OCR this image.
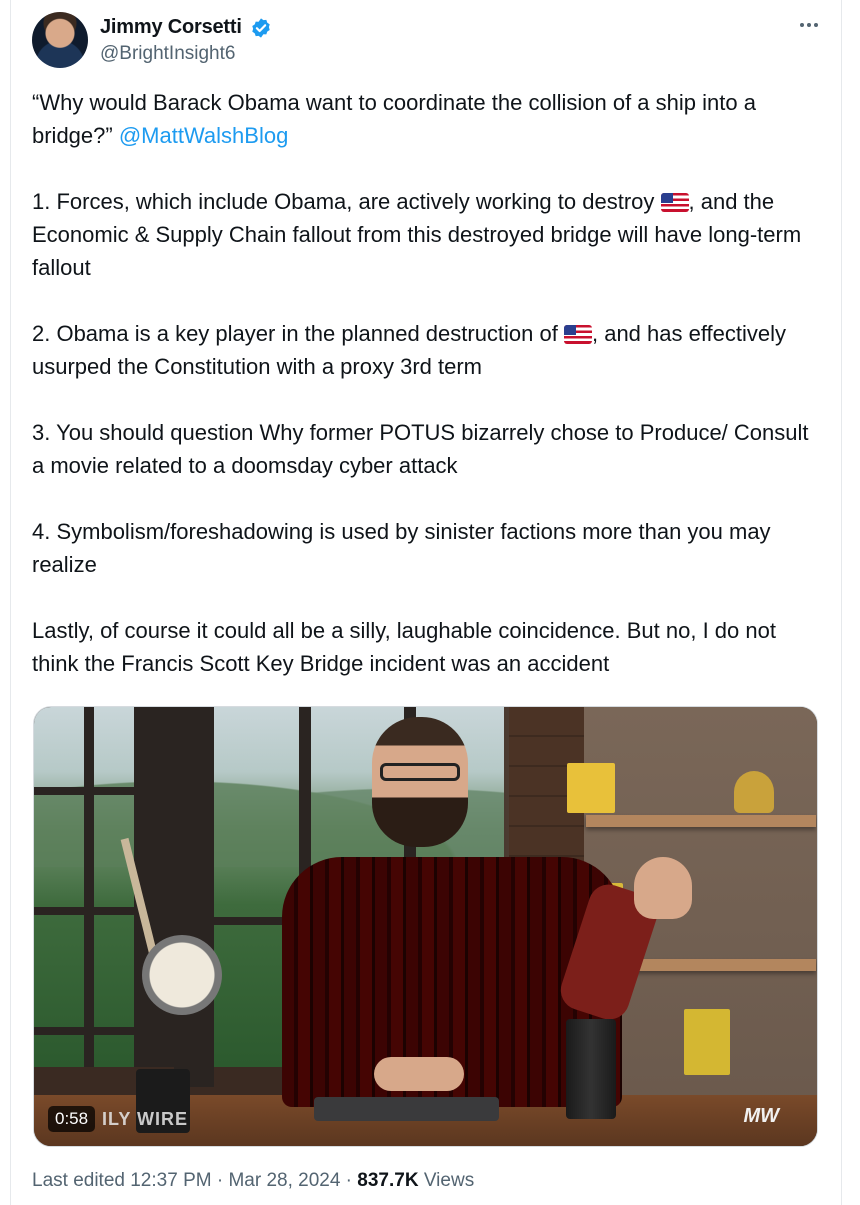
Jimmy Corsetti
@BrightInsight6
“Why would Barack Obama want to coordinate the collision of a ship into a bridge?” @MattWalshBlog
1. Forces, which include Obama, are actively working to destroy , and the Economic & Supply Chain fallout from this destroyed bridge will have long-term fallout
2. Obama is a key player in the planned destruction of , and has effectively usurped the Constitution with a proxy 3rd term
3. You should question Why former POTUS bizarrely chose to Produce/ Consult a movie related to a doomsday cyber attack
4. Symbolism/foreshadowing is used by sinister factions more than you may realize
Lastly, of course it could all be a silly, laughable coincidence. But no, I do not think the Francis Scott Key Bridge incident was an accident
0:58 ILY WIRE	MW
Last edited 12:37 PM · Mar 28, 2024 · 837.7K Views
